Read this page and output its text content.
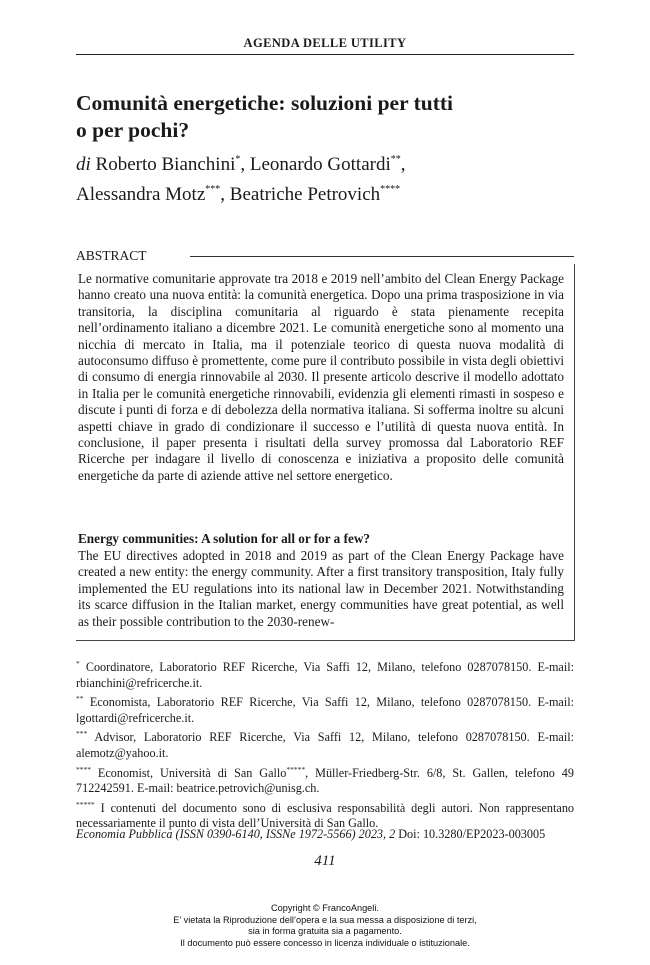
AGENDA DELLE UTILITY
Comunità energetiche: soluzioni per tutti
o per pochi?
di Roberto Bianchini*, Leonardo Gottardi**,
Alessandra Motz***, Beatriche Petrovich****
ABSTRACT

Le normative comunitarie approvate tra 2018 e 2019 nell’ambito del Clean Energy Package hanno creato una nuova entità: la comunità energetica. Dopo una prima trasposizione in via transitoria, la disciplina comunitaria al riguardo è stata pienamente recepita nell’ordinamento italiano a dicembre 2021. Le comunità energetiche sono al momento una nicchia di mercato in Italia, ma il potenziale teorico di questa nuova modalità di autoconsumo diffuso è promettente, come pure il contributo possibile in vista degli obiettivi di consumo di energia rinnovabile al 2030. Il presente articolo descrive il modello adottato in Italia per le comunità energetiche rinnovabili, evidenzia gli elementi rimasti in sospeso e discute i punti di forza e di debolezza della normativa italiana. Si sofferma inoltre su alcuni aspetti chiave in grado di condizionare il successo e l’utilità di questa nuova entità. In conclusione, il paper presenta i risultati della survey promossa dal Laboratorio REF Ricerche per indagare il livello di conoscenza e iniziativa a proposito delle comunità energetiche da parte di aziende attive nel settore energetico.

Energy communities: A solution for all or for a few?

The EU directives adopted in 2018 and 2019 as part of the Clean Energy Package have created a new entity: the energy community. After a first transitory transposition, Italy fully implemented the EU regulations into its national law in December 2021. Notwithstanding its scarce diffusion in the Italian market, energy communities have great potential, as well as their possible contribution to the 2030-renew-

* Coordinatore, Laboratorio REF Ricerche, Via Saffi 12, Milano, telefono 0287078150. E-mail: rbianchini@refricerche.it.

** Economista, Laboratorio REF Ricerche, Via Saffi 12, Milano, telefono 0287078150. E-mail: lgottardi@refricerche.it.

*** Advisor, Laboratorio REF Ricerche, Via Saffi 12, Milano, telefono 0287078150. E-mail: alemotz@yahoo.it.

**** Economist, Università di San Gallo*****, Müller-Friedberg-Str. 6/8, St. Gallen, telefono 49 712242591. E-mail: beatrice.petrovich@unisg.ch.

***** I contenuti del documento sono di esclusiva responsabilità degli autori. Non rappresentano necessariamente il punto di vista dell’Università di San Gallo.

Economia Pubblica (ISSN 0390-6140, ISSNe 1972-5566) 2023, 2 Doi: 10.3280/EP2023-003005
411
Copyright © FrancoAngeli.
E’ vietata la Riproduzione dell’opera e la sua messa a disposizione di terzi,
sia in forma gratuita sia a pagamento.
Il documento può essere concesso in licenza individuale o istituzionale.
